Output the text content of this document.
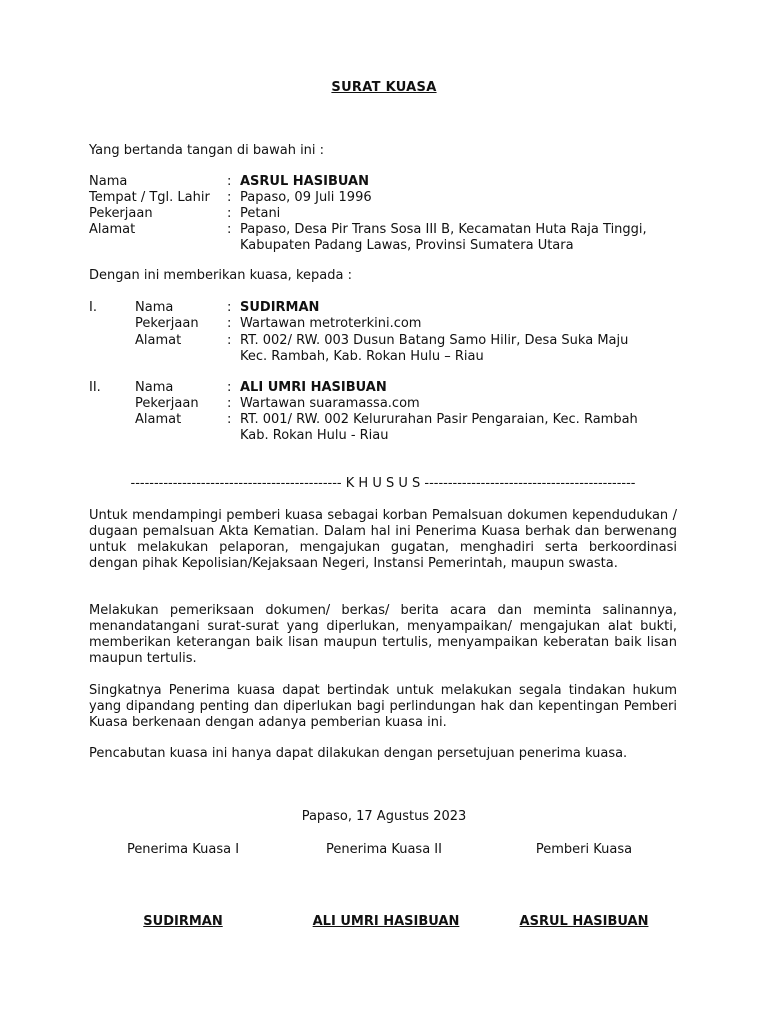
SURAT KUASA
Yang bertanda tangan di bawah ini :
Nama	: ASRUL HASIBUAN
Tempat / Tgl. Lahir : Papaso, 09 Juli 1996
Pekerjaan	: Petani
Alamat	: Papaso, Desa Pir Trans Sosa III B, Kecamatan Huta Raja Tinggi,
Kabupaten Padang Lawas, Provinsi Sumatera Utara
Dengan ini memberikan kuasa, kepada :
I.	Nama	: SUDIRMAN
Pekerjaan : Wartawan metroterkini.com
Alamat	: RT. 002/ RW. 003 Dusun Batang Samo Hilir, Desa Suka Maju
Kec. Rambah, Kab. Rokan Hulu – Riau
II.	Nama	: ALI UMRI HASIBUAN
Pekerjaan : Wartawan suaramassa.com
Alamat	: RT. 001/ RW. 002 Kelururahan Pasir Pengaraian, Kec. Rambah
Kab. Rokan Hulu - Riau
--------------------------------------------- K H U S U S ---------------------------------------------

Untuk mendampingi pemberi kuasa sebagai korban Pemalsuan dokumen kependudukan / dugaan pemalsuan Akta Kematian. Dalam hal ini Penerima Kuasa berhak dan berwenang untuk melakukan pelaporan, mengajukan gugatan, menghadiri serta berkoordinasi dengan pihak Kepolisian/Kejaksaan Negeri, Instansi Pemerintah, maupun swasta.

Melakukan pemeriksaan dokumen/ berkas/ berita acara dan meminta salinannya, menandatangani surat-surat yang diperlukan, menyampaikan/ mengajukan alat bukti, memberikan keterangan baik lisan maupun tertulis, menyampaikan keberatan baik lisan maupun tertulis.

Singkatnya Penerima kuasa dapat bertindak untuk melakukan segala tindakan hukum yang dipandang penting dan diperlukan bagi perlindungan hak dan kepentingan Pemberi Kuasa berkenaan dengan adanya pemberian kuasa ini.

Pencabutan kuasa ini hanya dapat dilakukan dengan persetujuan penerima kuasa.

Papaso, 17 Agustus 2023
Penerima Kuasa I	Penerima Kuasa II	Pemberi Kuasa
SUDIRMAN	ALI UMRI HASIBUAN	ASRUL HASIBUAN
